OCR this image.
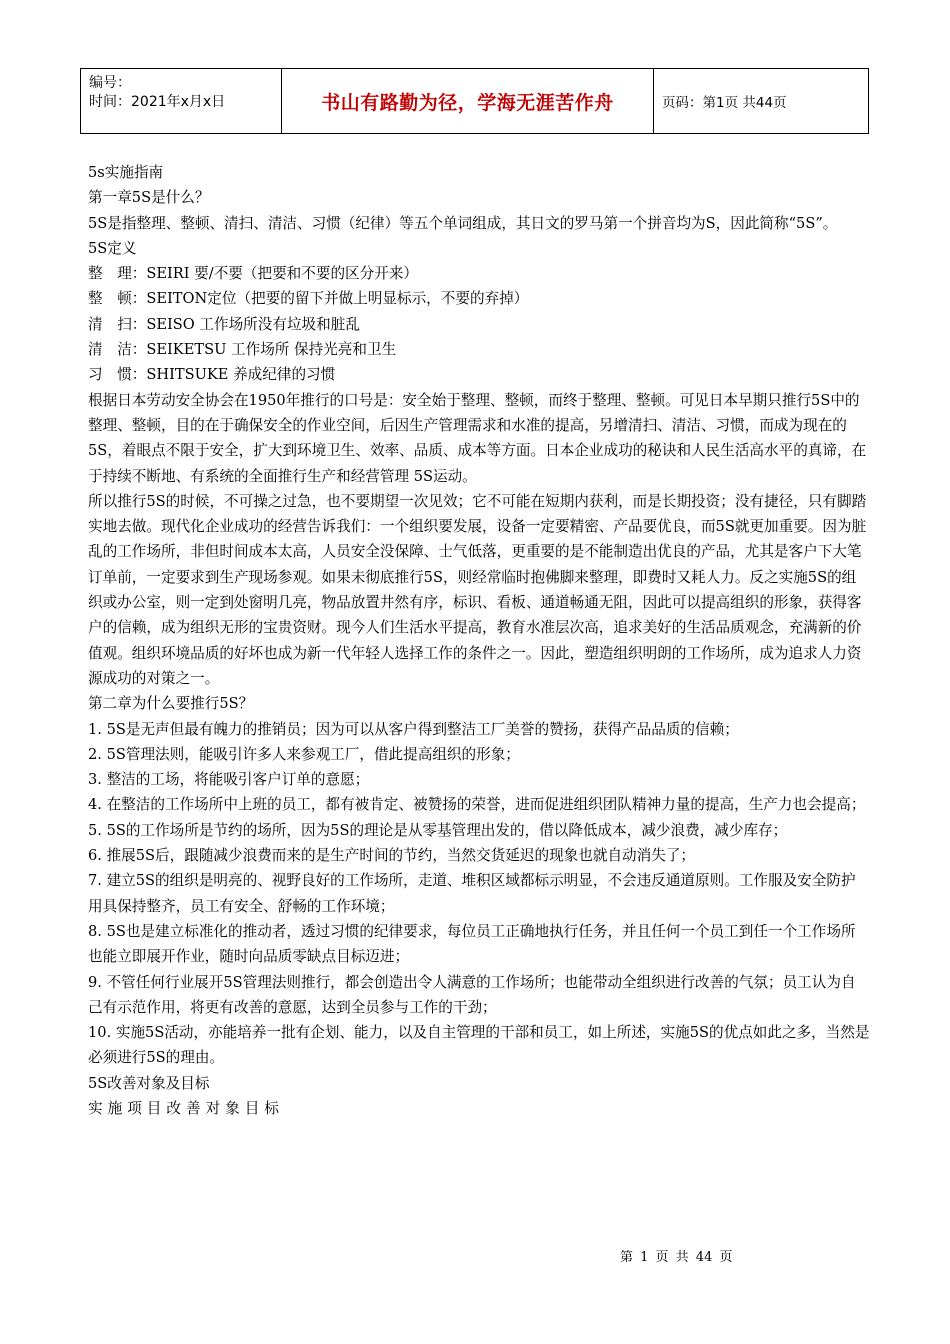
编号：
时间：2021年x月x日	书山有路勤为径，学海无涯苦作舟	页码：第1页 共44页

5s实施指南

第一章5S是什么？

5S是指整理、整顿、清扫、清洁、习惯（纪律）等五个单词组成，其日文的罗马第一个拼音均为S，因此简称“5S”。

5S定义

整　理：SEIRI 要/不要（把要和不要的区分开来）

整　顿：SEITON定位（把要的留下并做上明显标示，不要的弃掉）

清　扫：SEISO 工作场所没有垃圾和脏乱

清　洁：SEIKETSU 工作场所 保持光亮和卫生

习　惯：SHITSUKE 养成纪律的习惯

根据日本劳动安全协会在1950年推行的口号是：安全始于整理、整顿，而终于整理、整顿。可见日本早期只推行5S中的整理、整顿，目的在于确保安全的作业空间，后因生产管理需求和水准的提高，另增清扫、清洁、习惯，而成为现在的5S，着眼点不限于安全，扩大到环境卫生、效率、品质、成本等方面。日本企业成功的秘诀和人民生活高水平的真谛，在于持续不断地、有系统的全面推行生产和经营管理 5S运动。

所以推行5S的时候，不可操之过急，也不要期望一次见效；它不可能在短期内获利，而是长期投资；没有捷径，只有脚踏实地去做。现代化企业成功的经营告诉我们：一个组织要发展，设备一定要精密、产品要优良，而5S就更加重要。因为脏乱的工作场所，非但时间成本太高，人员安全没保障、士气低落，更重要的是不能制造出优良的产品，尤其是客户下大笔订单前，一定要求到生产现场参观。如果未彻底推行5S，则经常临时抱佛脚来整理，即费时又耗人力。反之实施5S的组织或办公室，则一定到处窗明几亮，物品放置井然有序，标识、看板、通道畅通无阻，因此可以提高组织的形象，获得客户的信赖，成为组织无形的宝贵资财。现今人们生活水平提高，教育水准层次高，追求美好的生活品质观念，充满新的价值观。组织环境品质的好坏也成为新一代年轻人选择工作的条件之一。因此，塑造组织明朗的工作场所，成为追求人力资源成功的对策之一。

第二章为什么要推行5S？

1. 5S是无声但最有魄力的推销员；因为可以从客户得到整洁工厂美誉的赞扬，获得产品品质的信赖；

2. 5S管理法则，能吸引许多人来参观工厂，借此提高组织的形象；

3. 整洁的工场，将能吸引客户订单的意愿；

4. 在整洁的工作场所中上班的员工，都有被肯定、被赞扬的荣誉，进而促进组织团队精神力量的提高，生产力也会提高；

5. 5S的工作场所是节约的场所，因为5S的理论是从零基管理出发的，借以降低成本，减少浪费，减少库存；

6. 推展5S后，跟随减少浪费而来的是生产时间的节约，当然交货延迟的现象也就自动消失了；

7. 建立5S的组织是明亮的、视野良好的工作场所，走道、堆积区域都标示明显，不会违反通道原则。工作服及安全防护用具保持整齐，员工有安全、舒畅的工作环境；

8. 5S也是建立标准化的推动者，透过习惯的纪律要求，每位员工正确地执行任务，并且任何一个员工到任一个工作场所也能立即展开作业，随时向品质零缺点目标迈进；

9. 不管任何行业展开5S管理法则推行，都会创造出令人满意的工作场所；也能带动全组织进行改善的气氛；员工认为自己有示范作用，将更有改善的意愿，达到全员参与工作的干劲；

10. 实施5S活动，亦能培养一批有企划、能力，以及自主管理的干部和员工，如上所述，实施5S的优点如此之多，当然是必须进行5S的理由。

5S改善对象及目标

实施项目改善对象目标

第 1 页 共 44 页
